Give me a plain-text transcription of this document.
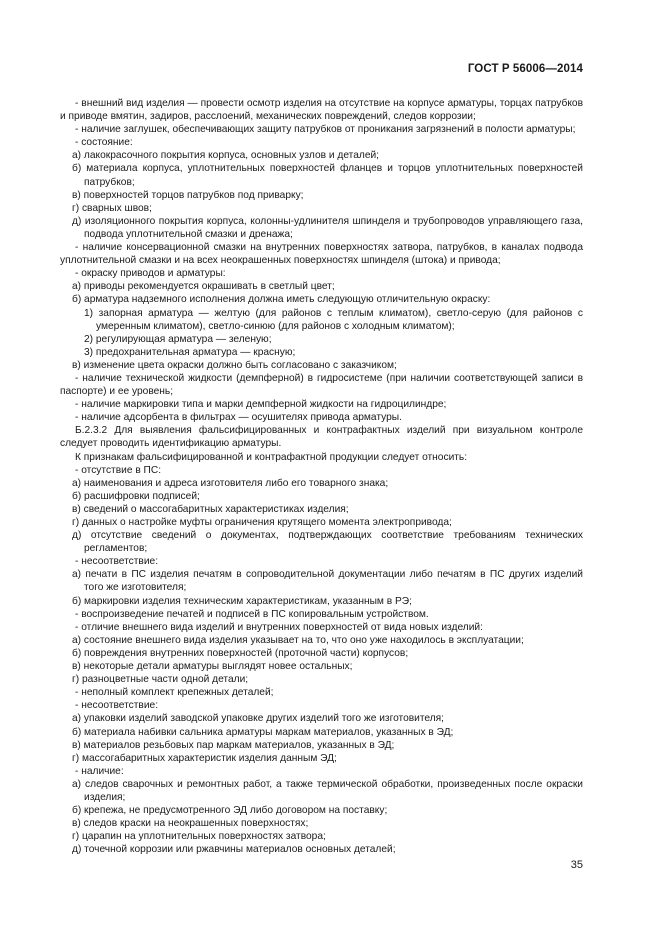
ГОСТ Р 56006—2014

- внешний вид изделия — провести осмотр изделия на отсутствие на корпусе арматуры, торцах патрубков и приводе вмятин, задиров, расслоений, механических повреждений, следов коррозии;

- наличие заглушек, обеспечивающих защиту патрубков от проникания загрязнений в полости арматуры;

- состояние:

а) лакокрасочного покрытия корпуса, основных узлов и деталей;

б) материала корпуса, уплотнительных поверхностей фланцев и торцов уплотнительных поверхностей патрубков;

в) поверхностей торцов патрубков под приварку;

г) сварных швов;

д) изоляционного покрытия корпуса, колонны-удлинителя шпинделя и трубопроводов управляющего газа, подвода уплотнительной смазки и дренажа;

- наличие консервационной смазки на внутренних поверхностях затвора, патрубков, в каналах подвода уплотнительной смазки и на всех неокрашенных поверхностях шпинделя (штока) и привода;

- окраску приводов и арматуры:

а) приводы рекомендуется окрашивать в светлый цвет;

б) арматура надземного исполнения должна иметь следующую отличительную окраску:

1) запорная арматура — желтую (для районов с теплым климатом), светло-серую (для районов с умеренным климатом), светло-синюю (для районов с холодным климатом);

2) регулирующая арматура — зеленую;

3) предохранительная арматура — красную;

в) изменение цвета окраски должно быть согласовано с заказчиком;

- наличие технической жидкости (демпферной) в гидросистеме (при наличии соответствующей записи в паспорте) и ее уровень;

- наличие маркировки типа и марки демпферной жидкости на гидроцилиндре;

- наличие адсорбента в фильтрах — осушителях привода арматуры.

Б.2.3.2 Для выявления фальсифицированных и контрафактных изделий при визуальном контроле следует проводить идентификацию арматуры.

К признакам фальсифицированной и контрафактной продукции следует относить:

- отсутствие в ПС:

а) наименования и адреса изготовителя либо его товарного знака;

б) расшифровки подписей;

в) сведений о массогабаритных характеристиках изделия;

г) данных о настройке муфты ограничения крутящего момента электропривода;

д) отсутствие сведений о документах, подтверждающих соответствие требованиям технических регламентов;

- несоответствие:

а) печати в ПС изделия печатям в сопроводительной документации либо печатям в ПС других изделий того же изготовителя;

б) маркировки изделия техническим характеристикам, указанным в РЭ;

- воспроизведение печатей и подписей в ПС копировальным устройством.

- отличие внешнего вида изделий и внутренних поверхностей от вида новых изделий:

а) состояние внешнего вида изделия указывает на то, что оно уже находилось в эксплуатации;

б) повреждения внутренних поверхностей (проточной части) корпусов;

в) некоторые детали арматуры выглядят новее остальных;

г) разноцветные части одной детали;

- неполный комплект крепежных деталей;

- несоответствие:

а) упаковки изделий заводской упаковке других изделий того же изготовителя;

б) материала набивки сальника арматуры маркам материалов, указанных в ЭД;

в) материалов резьбовых пар маркам материалов, указанных в ЭД;

г) массогабаритных характеристик изделия данным ЭД;

- наличие:

а) следов сварочных и ремонтных работ, а также термической обработки, произведенных после окраски изделия;

б) крепежа, не предусмотренного ЭД либо договором на поставку;

в) следов краски на неокрашенных поверхностях;

г) царапин на уплотнительных поверхностях затвора;

д) точечной коррозии или ржавчины материалов основных деталей;

35
